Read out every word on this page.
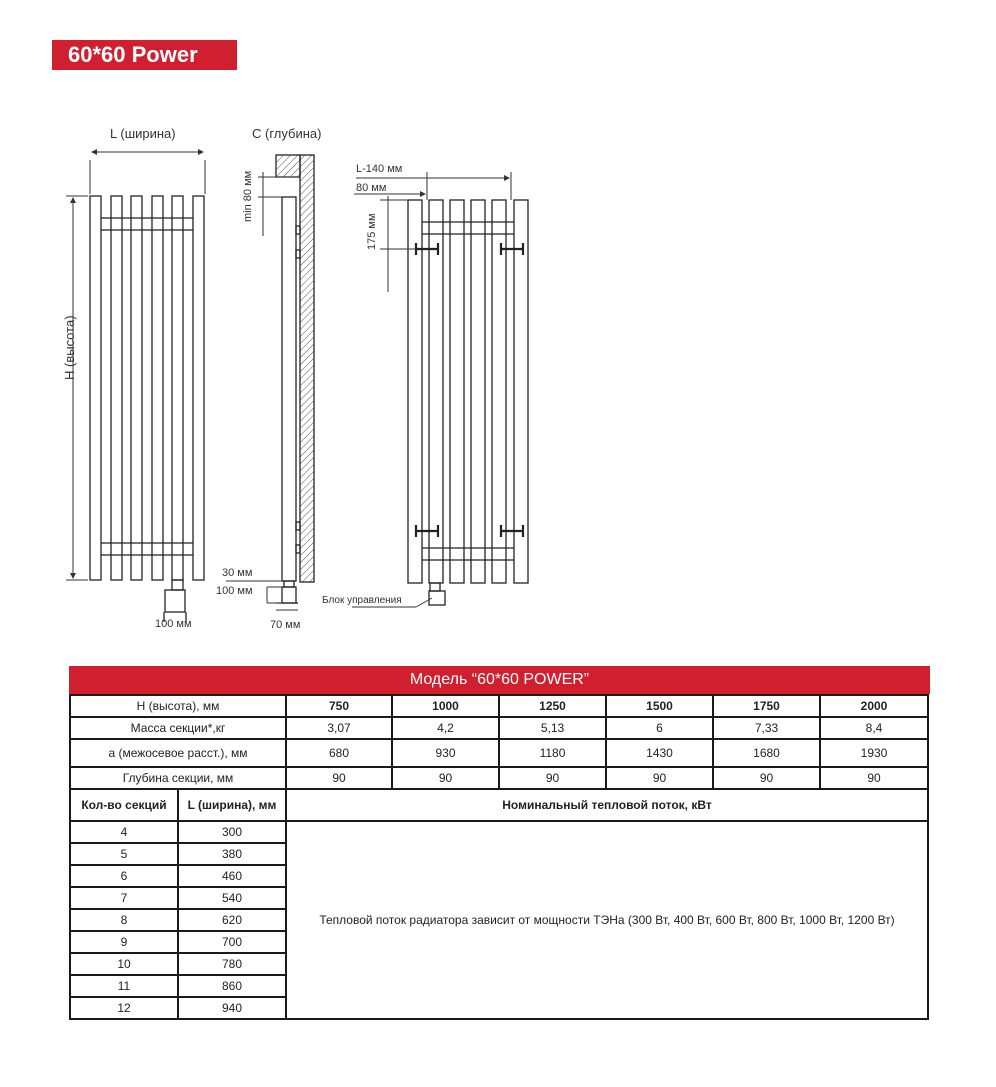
60*60 Power
L (ширина)	C (глубина)
H (высота)
min 80 мм
L-140 мм
80 мм
175 мм
30 мм
100 мм
100 мм	70 мм
Блок управления
Модель “60*60 POWER”
H (высота), мм		750	1000	1250	1500	1750	2000
Масса секции*,кг		3,07	4,2	5,13	6	7,33	8,4
a (межосевое расст.), мм		680	930	1180	1430	1680	1930
Глубина секции, мм		90	90	90	90	90	90
Кол-во секций	L (ширина), мм	Номинальный тепловой поток, кВт					
4	300	Тепловой поток радиатора зависит от мощности ТЭНа (300 Вт, 400 Вт, 600 Вт, 800 Вт, 1000 Вт, 1200 Вт)					
5	380						
6	460						
7	540						
8	620						
9	700						
10	780						
11	860						
12	940						
